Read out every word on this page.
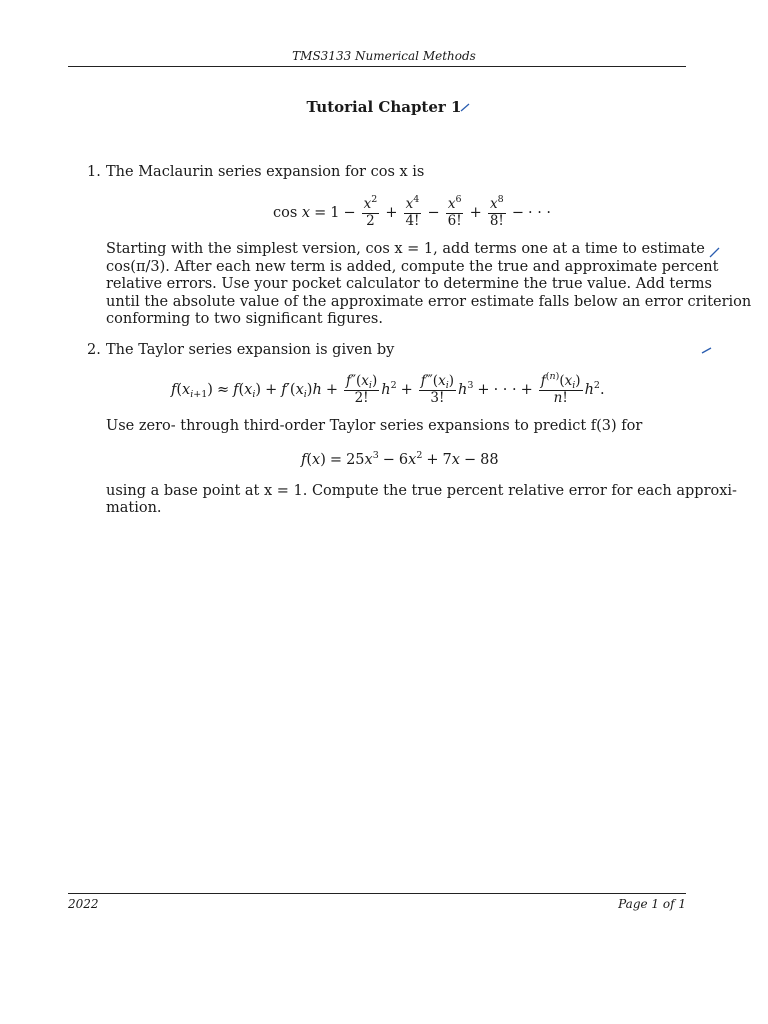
TMS3133 Numerical Methods
Tutorial Chapter 1
1. The Maclaurin series expansion for cos x is
$\cos x = 1 - \frac{x^2}{2} + \frac{x^4}{4!} - \frac{x^6}{6!} + \frac{x^8}{8!}$ − · · ·
Starting with the simplest version, cos x = 1, add terms one at a time to estimate
cos(π/3). After each new term is added, compute the true and approximate percent
relative errors. Use your pocket calculator to determine the true value. Add terms
until the absolute value of the approximate error estimate falls below an error criterion
conforming to two significant figures.
2. The Taylor series expansion is given by
$f(x_{i+1}) \approx f(x_i) + f'(x_i)h + \frac{f''(x_i)}{2!} h^2 + \frac{f‴(x_i)}{3!} h^3$ + · · · + $\frac{f^{(n)}(x_i)}{n!} h^2$.
Use zero- through third-order Taylor series expansions to predict f(3) for
$f(x) = 25x^3 - 6x^2 + 7x - 88$
using a base point at x = 1. Compute the true percent relative error for each approxi-
mation.
2022	Page 1 of 1
